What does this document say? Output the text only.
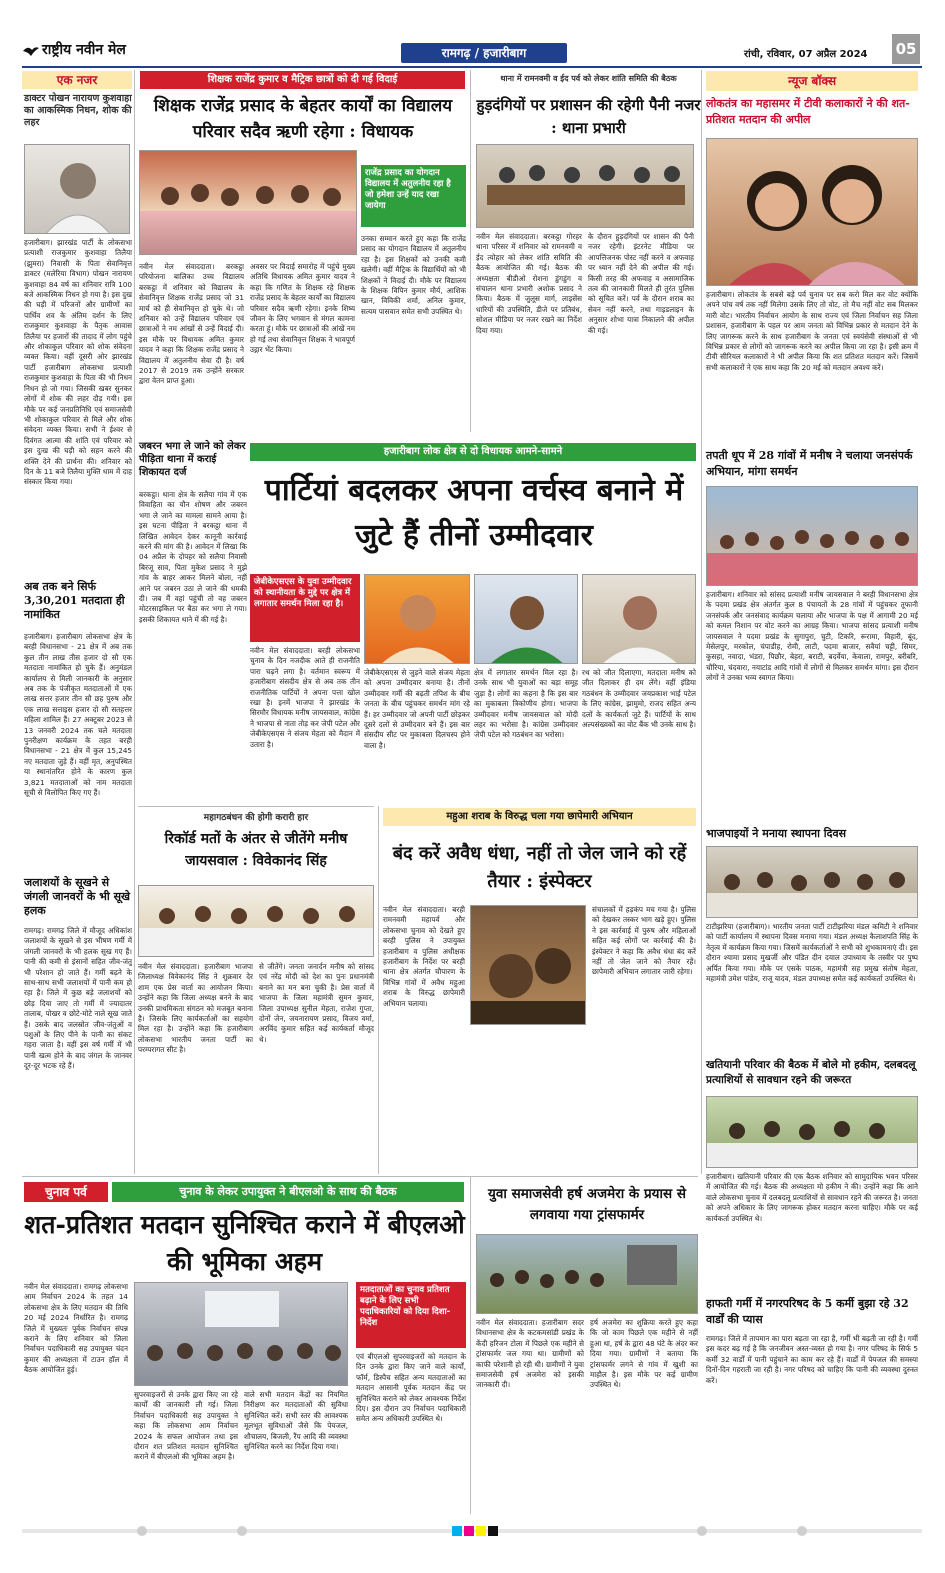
राष्ट्रीय नवीन मेल	रामगढ़ / हजारीबाग	रांची, रविवार, 07 अप्रैल 2024 05
एक नजर
डाक्टर पोखन नारायण कुशवाहा का आकस्मिक निधन, शोक की लहर
हजारीबाग। झारखंड पार्टी के लोकसभा प्रत्याशी राजकुमार कुशवाहा तिलैया (झुमरा) निवासी के पिता सेवानिवृत्त डाक्टर (मलेरिया विभाग) पोखन नारायण कुशवाहा 84 वर्ष का शनिवार रात्रि 100 बजे आकस्मिक निधन हो गया है। इस दुख की घड़ी में परिजनों और ग्रामीणों का पार्थिव शव के अंतिम दर्शन के लिए राजकुमार कुशवाहा के पैतृक आवास तिलैया पर हजारों की तादाद में लोग पहुंचे और शोकाकुल परिवार को शोक संवेदना व्यक्त किया। वहीं दूसरी ओर झारखंड पार्टी हजारीबाग लोकसभा प्रत्याशी राजकुमार कुशवाहा के पिता की भी निधन निधन हो जो गया। जिसकी खबर सुनकर लोगों में शोक की लहर दौड़ गयी। इस मौके पर कई जनप्रतिनिधि एवं समाजसेवी भी शोकाकुल परिवार से मिले और शोक संवेदना व्यक्त किया। सभी ने ईश्वर से दिवंगत आत्मा की शांति एवं परिवार को इस दुःख की घड़ी को सहन करने की शक्ति देने की प्रार्थना की। शनिवार को दिन के 11 बजे तिलैया मुक्ति धाम में दाह संस्कार किया गया।
अब तक बने सिर्फ 3,30,201 मतदाता ही नामांकित
हजारीबाग। हजारीबाग लोकसभा क्षेत्र के बरही विधानसभा - 21 क्षेत्र में अब तक कुल तीन लाख तीस हजार दो सौ एक मतदाता नामांकित हो चुके हैं। अनुमंडल कार्यालय से मिली जानकारी के अनुसार अब तक के पंजीकृत मतदाताओं में एक लाख सत्तर हजार तीन सौ छह पुरुष और एक लाख सत्ताइस हजार दो सौ सतहत्तर महिला शामिल हैं। 27 अक्टूबर 2023 से 13 जनवरी 2024 तक चले मतदाता पुनरीक्षण कार्यक्रम के तहत बरही विधानसभा - 21 क्षेत्र में कुल 15,245 नए मतदाता जुड़े हैं। वहीं मृत, अनुपस्थित या स्थानांतरित होने के कारण कुल 3,821 मतदाताओं को नाम मतदाता सूची से विलोपित किए गए हैं।
जलाशयों के सूखने से जंगली जानवरों के भी सूखे हलक
रामगढ़। रामगढ़ जिले में मौजूद अधिकांश जलाशयों के सूखने से इस भीषण गर्मी में जंगली जानवरों के भी हलक सूख गए हैं। पानी की कमी से इंसानों सहित जीव-जंतु भी परेशान हो जाते हैं। गर्मी बढ़ने के साथ-साथ सभी जलाशयों में पानी कम हो रहा है। जिले में कुछ बड़े जलाशयों को छोड़ दिया जाए तो गर्मी में ज्यादातर तालाब, पोखर व छोटे-मोटे नाले सूख जाते हैं। उसके बाद जलस्रोत जीव-जंतुओं व पशुओं के लिए पीने के पानी का संकट गहरा जाता है। वहीं इस वर्ष गर्मी में भी पानी खत्म होने के बाद जंगल के जानवर दूर-दूर भटक रहे हैं।
शिक्षक राजेंद्र कुमार व मैट्रिक छात्रों को दी गई विदाई
शिक्षक राजेंद्र प्रसाद के बेहतर कार्यों का विद्यालय परिवार सदैव ऋणी रहेगा : विधायक
राजेंद्र प्रसाद का योगदान विद्यालय में अतुलनीय रहा है जो हमेशा उन्हें याद रखा जायेगा
नवीन मेल संवाददाता। बरकट्ठा परियोजना बालिका उच्च विद्यालय बरकट्ठा में शनिवार को विद्यालय के सेवानिवृत्त शिक्षक राजेंद्र प्रसाद जो 31 मार्च को ही सेवानिवृत्त हो चुके थे। जो शनिवार को उन्हें विद्यालय परिवार एवं छात्राओं ने नम आंखों से उन्हें विदाई दी। इस मौके पर विधायक अमित कुमार यादव ने कहा कि शिक्षक राजेंद्र प्रसाद ने विद्यालय में अतुलनीय सेवा दी है। वर्ष 2017 से 2019 तक उन्होंने सरकार द्वारा वेतन प्राप्त हुआ।
अवसर पर विदाई समारोह में पहुंचे मुख्य अतिथि विधायक अमित कुमार यादव ने कहा कि गणित के शिक्षक रहे शिक्षक राजेंद्र प्रसाद के बेहतर कार्यों का विद्यालय परिवार सदैव ऋणी रहेगा। इनके शिष्य जीवन के लिए भगवान से मंगल कामना करता हूं। मौके पर छात्राओं की आंखें नम हो गई तथा सेवानिवृत्त शिक्षक ने भावपूर्ण उद्गार भेंट किया।
उनका सम्मान करते हुए कहा कि राजेंद्र प्रसाद का योगदान विद्यालय में अतुलनीय रहा है। इस शिक्षकों को उनकी कमी खलेगी। वहीं मैट्रिक के विद्यार्थियों को भी शिक्षकों ने विदाई दी। मौके पर विद्यालय के शिक्षक विपिन कुमार मौर्य, आशिक खान, विविकी शर्मा, अनिल कुमार, सत्यम पासवान समेत सभी उपस्थित थे।
जबरन भगा ले जाने को लेकर पीड़िता थाना में कराई शिकायत दर्ज
बरकट्ठा। थाना क्षेत्र के सलैया गांव में एक विवाहिता का यौन शोषण और जबरन भगा ले जाने का मामला सामने आया है। इस घटना पीड़िता ने बरकट्ठा थाना में लिखित आवेदन देकर कानूनी कार्रवाई करने की मांग की है। आवेदन में लिखा कि 04 अप्रैल के दोपहर को सलैया निवासी बिरजू साव, पिता मुकेश प्रसाद ने मुझे गांव के बाहर आकर मिलने बोला, नहीं आने पर जबरन उठा ले जाने की धमकी दी। जब मैं वहां पहुंची तो वह जबरन मोटरसाइकिल पर बैठा कर भगा ले गया। इसकी शिकायत थाने में की गई है।
थाना में रामनवमी व ईद पर्व को लेकर शांति समिति की बैठक
हुड़दंगियों पर प्रशासन की रहेगी पैनी नजर : थाना प्रभारी
नवीन मेल संवाददाता। बरकट्ठा गोरहर थाना परिसर में शनिवार को रामनवमी व ईद त्योहार को लेकर शांति समिति की बैठक आयोजित की गई। बैठक की अध्यक्षता बीडीओ रोशना डुंगडुंग व संचालन थाना प्रभारी अशोक प्रसाद ने किया। बैठक में जुलूस मार्ग, लाइसेंस धारियों की उपस्थिति, डीजे पर प्रतिबंध, सोशल मीडिया पर नजर रखने का निर्देश दिया गया।
के दौरान हुड़दंगियों पर शासन की पैनी नजर रहेगी। इंटरनेट मीडिया पर आपत्तिजनक पोस्ट नहीं करने व अफवाह पर ध्यान नहीं देने की अपील की गई। किसी तरह की अफवाह व असामाजिक तत्व की जानकारी मिलते ही तुरंत पुलिस को सूचित करें। पर्व के दौरान शराब का सेवन नहीं करने, तथा गाइडलाइन के अनुसार शोभा यात्रा निकालने की अपील की गई।
हजारीबाग लोक क्षेत्र से दो विधायक आमने-सामने
पार्टियां बदलकर अपना वर्चस्व बनाने में जुटे हैं तीनों उम्मीदवार
जेबीकेएसएस के युवा उम्मीदवार को स्थानीयता के मुद्दे पर क्षेत्र में लगातार समर्थन मिला रहा है।
नवीन मेल संवाददाता। बरही लोकसभा चुनाव के दिन नजदीक आते ही राजनीति पारा चढ़ने लगा है। वर्तमान स्वरूप में हजारीबाग संसदीय क्षेत्र से अब तक तीन राजनीतिक पार्टियों ने अपना पत्ता खोल रखा है। इनमें भाजपा ने झारखंड के सिरमौर विधायक मनीष जायसवाल, कांग्रेस ने भाजपा से नाता तोड़ कर जेपी पटेल और जेबीकेएसएस ने संजय मेहता को मैदान में उतारा है।
जेबीकेएसएस से जुड़ने वाले संजय मेहता को अपना उम्मीदवार बनाया है। तीनों उम्मीदवार गर्मी की बढ़ती तपिश के बीच जनता के बीच पहुंचकर समर्थन मांग रहे हैं। हर उम्मीदवार जो अपनी पार्टी छोड़कर दूसरे दलों से उम्मीदवार बने हैं। इस बार संसदीय सीट पर मुकाबला दिलचस्प होने वाला है।
क्षेत्र में लगातार समर्थन मिल रहा है। उनके साथ भी युवाओं का बड़ा समूह जुड़ा है। लोगों का कहना है कि इस बार का मुकाबला त्रिकोणीय होगा। भाजपा उम्मीदवार मनीष जायसवाल को मोदी लहर का भरोसा है। कांग्रेस उम्मीदवार जेपी पटेल को गठबंधन का भरोसा।
रथ को जीत दिलाएगा, मतदाता मनीष को जीत दिलाकर ही दम लेंगे। वहीं इंडिया गठबंधन के उम्मीदवार जयप्रकाश भाई पटेल के लिए कांग्रेस, झामुमो, राजद सहित अन्य दलों के कार्यकर्ता जुटे हैं। पार्टियों के साथ अल्पसंख्यकों का वोट बैंक भी उनके साथ है।
महागठबंधन की होगी करारी हार
रिकॉर्ड मतों के अंतर से जीतेंगे मनीष जायसवाल : विवेकानंद सिंह
नवीन मेल संवाददाता। हजारीबाग भाजपा जिलाध्यक्ष विवेकानंद सिंह ने शुक्रवार देर शाम एक प्रेस वार्ता का आयोजन किया। उन्होंने कहा कि जिला अध्यक्ष बनने के बाद उनकी प्राथमिकता संगठन को मजबूत बनाना है। जिसके लिए कार्यकर्ताओं का सहयोग मिल रहा है। उन्होंने कहा कि हजारीबाग लोकसभा भारतीय जनता पार्टी का परम्परागत सीट है।
से जीतेंगे। जनता जनार्दन मनीष को सांसद एवं नरेंद्र मोदी को देश का पुनः प्रधानमंत्री बनाने का मन बना चुकी है। प्रेस वार्ता में भाजपा के जिला महामंत्री सुमन कुमार, जिला उपाध्यक्ष सुनील मेहता, राजेश गुप्ता, दोनों जेन, जयनारायण प्रसाद, विजय वर्मा, अरविंद कुमार सहित कई कार्यकर्ता मौजूद थे।
महुआ शराब के विरुद्ध चला गया छापेमारी अभियान
बंद करें अवैध धंधा, नहीं तो जेल जाने को रहें तैयार : इंस्पेक्टर
नवीन मेल संवाददाता। बरही रामनवमी महापर्व और लोकसभा चुनाव को देखते हुए बरही पुलिस ने उपायुक्त हजारीबाग व पुलिस अधीक्षक हजारीबाग के निर्देश पर बरही थाना क्षेत्र अंतर्गत चौपारण के विभिन्न गांवों में अवैध महुआ शराब के विरुद्ध छापेमारी अभियान चलाया।
संचालकों में हड़कंप मच गया है। पुलिस को देखकर तस्कर भाग खड़े हुए। पुलिस ने इस कार्रवाई में पुरुष और महिलाओं सहित कई लोगों पर कार्रवाई की है। इंस्पेक्टर ने कहा कि अवैध धंधा बंद करें नहीं तो जेल जाने को तैयार रहें। छापेमारी अभियान लगातार जारी रहेगा।
न्यूज बॉक्स
लोकतंत्र का महासमर में टीवी कलाकारों ने की शत-प्रतिशत मतदान की अपील
हजारीबाग। लोकतंत्र के सबसे बड़े पर्व चुनाव पर सब करो मिल कर वोट क्योंकि अपने पांच वर्ष तक नहीं मिलेगा उसके लिए तो वोट, तो मैच नहीं वोट सब मिलकर मारी वोट। भारतीय निर्वाचन आयोग के साथ राज्य एवं जिला निर्वाचन सह जिला प्रशासन, हजारीबाग के पहल पर आम जनता को विभिन्न प्रकार से मतदान देने के लिए जागरूक करने के साथ हजारीबाग के जनता एवं स्वयंसेवी संस्थाओं से भी विभिन्न प्रकार से लोगों को जागरूक करने का अपील किया जा रहा है। इसी क्रम में टीवी सीरियल कलाकारों ने भी अपील किया कि शत प्रतिशत मतदान करें। जिसमें सभी कलाकारों ने एक साथ कहा कि 20 मई को मतदान अवश्य करें।
तपती धूप में 28 गांवों में मनीष ने चलाया जनसंपर्क अभियान, मांगा समर्थन
हजारीबाग। शनिवार को सांसद प्रत्याशी मनीष जायसवाल ने बरही विधानसभा क्षेत्र के पदमा प्रखंड क्षेत्र अंतर्गत कुल 8 पंचायतों के 28 गांवों में पहुंचकर तूफानी जनसंपर्क और जनसंवाद कार्यक्रम चलाया और भाजपा के पक्ष में आगामी 20 मई को कमल निशान पर वोट करने का आग्रह किया। भाजपा सांसद प्रत्याशी मनीष जायसवाल ने पदमा प्रखंड के सुगापुरा, चुटी, टिकरि, रूरामा, विहारी, बूंद, मेसेलपुर, मरकोल, चंपाडीह, रोमी, लाटी, पदमा बाजार, सवैयां चट्टी, सिमर, कुसहा, नवादा, भंडरा, पिछौर, बेहरा, बराटी, बदर्वेया, केवाला, रामपुर, बरीबरि, चौरिया, चंदवारा, नयाटांड आदि गांवों में लोगों से मिलकर समर्थन मांगा। इस दौरान लोगों ने उनका भव्य स्वागत किया।
भाजपाइयों ने मनाया स्थापना दिवस
टाटीझरिया (हजारीबाग)। भारतीय जनता पार्टी टाटीझरिया मंडल कमिटी ने शनिवार को पार्टी कार्यालय में स्थापना दिवस मनाया गया। मंडल अध्यक्ष कैलाशपति सिंह के नेतृत्व में कार्यक्रम किया गया। जिसमें कार्यकर्ताओं ने सभी को शुभकामनाएं दी। इस दौरान श्यामा प्रसाद मुखर्जी और पंडित दीन दयाल उपाध्याय के तस्वीर पर पुष्प अर्पित किया गया। मौके पर एसके पाठक, महामंत्री सह प्रमुख संतोष मेहता, महामंत्री उमेश पांडेय, राजू यादव, मंडल उपाध्यक्ष समेत कई कार्यकर्ता उपस्थित थे।
खतियानी परिवार की बैठक में बोले मो हकीम, दलबदलू प्रत्याशियों से सावधान रहने की जरूरत
हजारीबाग। खतियानी परिवार की एक बैठक शनिवार को सामुदायिक भवन परिसर में आयोजित की गई। बैठक की अध्यक्षता मो हकीम ने की। उन्होंने कहा कि आने वाले लोकसभा चुनाव में दलबदलू प्रत्याशियों से सावधान रहने की जरूरत है। जनता को अपने अधिकार के लिए जागरूक होकर मतदान करना चाहिए। मौके पर कई कार्यकर्ता उपस्थित थे।
हाफती गर्मी में नगरपरिषद के 5 कर्मी बुझा रहे 32 वार्डों की प्यास
रामगढ़। जिले में तापमान का पारा बढ़ता जा रहा है, गर्मी भी बढ़ती जा रही है। गर्मी इस कदर बढ़ गई है कि जनजीवन अस्त-व्यस्त हो गया है। नगर परिषद के सिर्फ 5 कर्मी 32 वार्डों में पानी पहुंचाने का काम कर रहे हैं। वार्डों में पेयजल की समस्या दिनों-दिन गहराती जा रही है। नगर परिषद को चाहिए कि पानी की व्यवस्था दुरुस्त करें।
चुनाव पर्व	चुनाव के लेकर उपायुक्त ने बीएलओ के साथ की बैठक
शत-प्रतिशत मतदान सुनिश्चित कराने में बीएलओ की भूमिका अहम
नवीन मेल संवाददाता। रामगढ़ लोकसभा आम निर्वाचन 2024 के तहत 14 लोकसभा क्षेत्र के लिए मतदान की तिथि 20 मई 2024 निर्धारित है। रामगढ़ जिले में मुख्यतः पूर्वक निर्वाचन संपन्न कराने के लिए शनिवार को जिला निर्वाचन पदाधिकारी सह उपायुक्त चंदन कुमार की अध्यक्षता में टाउन हॉल में बैठक आयोजित हुई।
मतदाताओं का चुनाव प्रतिशत बढ़ाने के लिए सभी पदाधिकारियों को दिया दिशा-निर्देश
सुपरवाइजरों से उनके द्वारा किए जा रहे कार्यों की जानकारी ली गई। जिला निर्वाचन पदाधिकारी सह उपायुक्त ने कहा कि लोकसभा आम निर्वाचन 2024 के सफल आयोजन तथा इस दौरान शत प्रतिशत मतदान सुनिश्चित कराने में बीएलओ की भूमिका अहम है।
वाले सभी मतदान केंद्रों का नियमित निरीक्षण कर मतदाताओं की सुविधा सुनिश्चित करें। सभी स्तर की आवश्यक मूलभूत सुविधाओं जैसे कि पेयजल, शौचालय, बिजली, रैंप आदि की व्यवस्था सुनिश्चित करने का निर्देश दिया गया।
एवं बीएलओ सुपरवाइजरों को मतदान के दिन उनके द्वारा किए जाने वाले कार्यों, फॉर्म, डिस्पैच सहित अन्य मतदाताओं का मतदान आसानी पूर्वक मतदान केंद्र पर सुनिश्चित कराने को लेकर आवश्यक निर्देश दिए। इस दौरान उप निर्वाचन पदाधिकारी समेत अन्य अधिकारी उपस्थित थे।
युवा समाजसेवी हर्ष अजमेरा के प्रयास से लगवाया गया ट्रांसफार्मर
नवीन मेल संवाददाता। हजारीबाग सदर विधानसभा क्षेत्र के कटकमसांडी प्रखंड के केंदी हरिजन टोला में पिछले एक महीने से ट्रांसफार्मर जल गया था। ग्रामीणों को काफी परेशानी हो रही थी। ग्रामीणों ने युवा समाजसेवी हर्ष अजमेरा को इसकी जानकारी दी।
हर्ष अजमेरा का शुक्रिया करते हुए कहा कि जो काम पिछले एक महीने से नहीं हुआ था, हर्ष के द्वारा 48 घंटे के अंदर कर दिया गया। ग्रामीणों ने बताया कि ट्रांसफार्मर लगने से गांव में खुशी का माहौल है। इस मौके पर कई ग्रामीण उपस्थित थे।
